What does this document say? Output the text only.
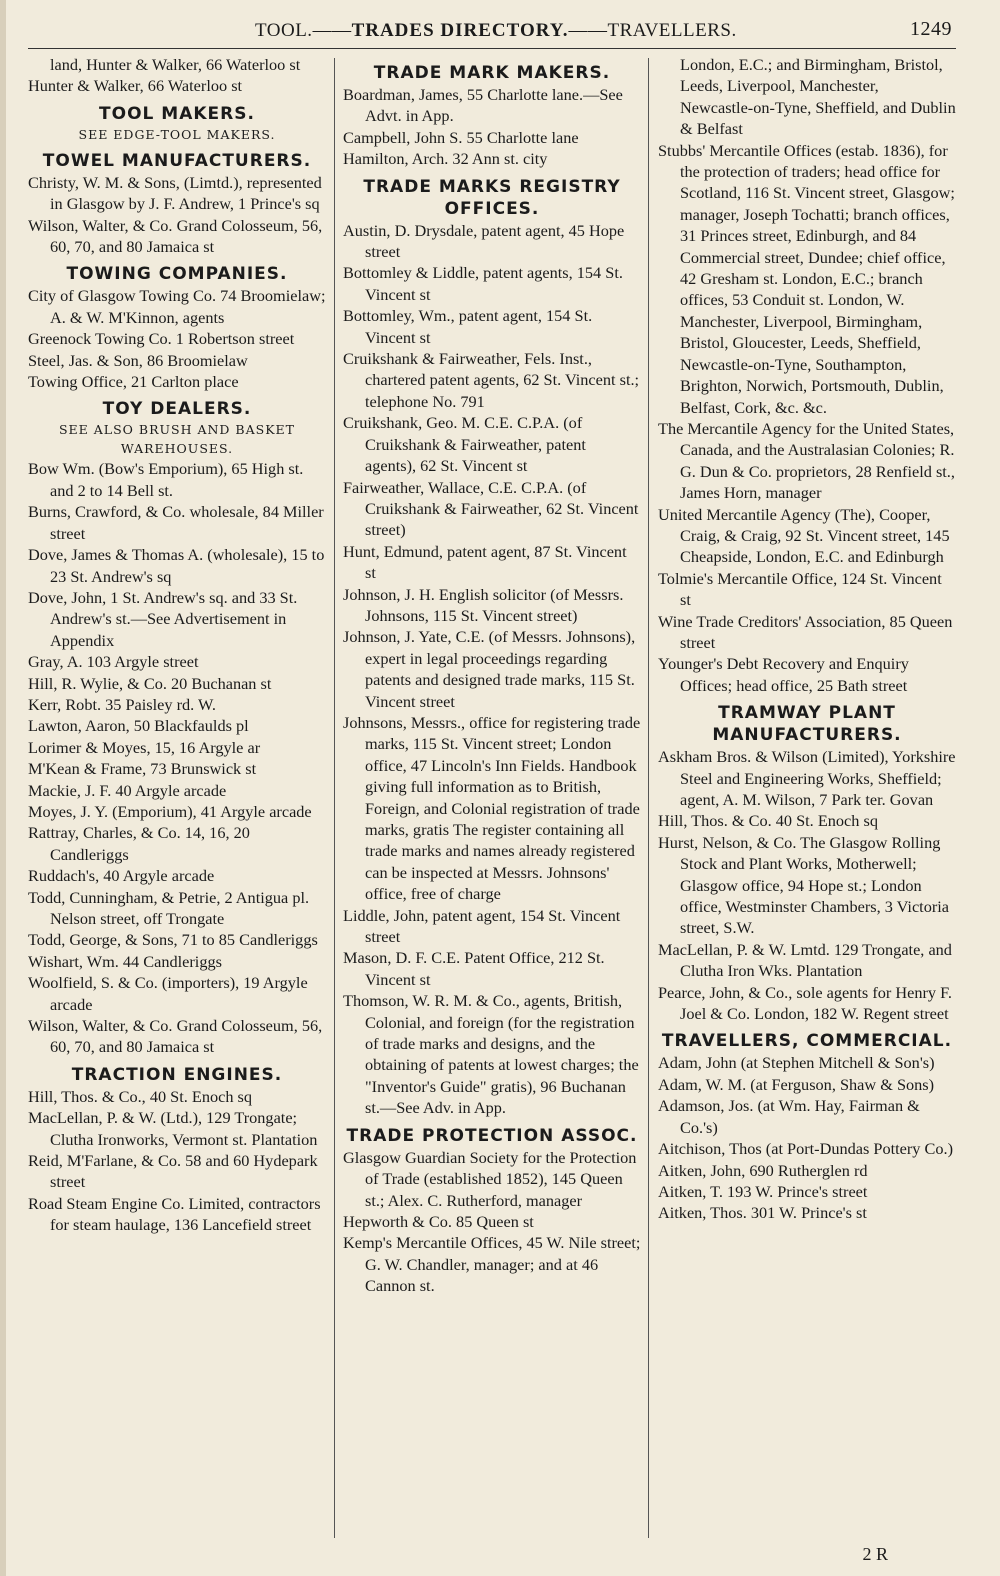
TOOL.——TRADES DIRECTORY.——TRAVELLERS.	1249
land, Hunter & Walker, 66 Waterloo st
Hunter & Walker, 66 Waterloo st
TOOL MAKERS.
SEE EDGE-TOOL MAKERS.
TOWEL MANUFACTURERS.
Christy, W. M. & Sons, (Limtd.), represented in Glasgow by J. F. Andrew, 1 Prince's sq
Wilson, Walter, & Co. Grand Colosseum, 56, 60, 70, and 80 Jamaica st
TOWING COMPANIES.
City of Glasgow Towing Co. 74 Broomielaw; A. & W. M'Kinnon, agents
Greenock Towing Co. 1 Robertson street
Steel, Jas. & Son, 86 Broomielaw
Towing Office, 21 Carlton place
TOY DEALERS.
SEE ALSO BRUSH AND BASKET WAREHOUSES.
Bow Wm. (Bow's Emporium), 65 High st. and 2 to 14 Bell st.
Burns, Crawford, & Co. wholesale, 84 Miller street
Dove, James & Thomas A. (wholesale), 15 to 23 St. Andrew's sq
Dove, John, 1 St. Andrew's sq. and 33 St. Andrew's st.—See Advertisement in Appendix
Gray, A. 103 Argyle street
Hill, R. Wylie, & Co. 20 Buchanan st
Kerr, Robt. 35 Paisley rd. W.
Lawton, Aaron, 50 Blackfaulds pl
Lorimer & Moyes, 15, 16 Argyle ar
M'Kean & Frame, 73 Brunswick st
Mackie, J. F. 40 Argyle arcade
Moyes, J. Y. (Emporium), 41 Argyle arcade
Rattray, Charles, & Co. 14, 16, 20 Candleriggs
Ruddach's, 40 Argyle arcade
Todd, Cunningham, & Petrie, 2 Antigua pl. Nelson street, off Trongate
Todd, George, & Sons, 71 to 85 Candleriggs
Wishart, Wm. 44 Candleriggs
Woolfield, S. & Co. (importers), 19 Argyle arcade
Wilson, Walter, & Co. Grand Colosseum, 56, 60, 70, and 80 Jamaica st
TRACTION ENGINES.
Hill, Thos. & Co., 40 St. Enoch sq
MacLellan, P. & W. (Ltd.), 129 Trongate; Clutha Ironworks, Vermont st. Plantation
Reid, M'Farlane, & Co. 58 and 60 Hydepark street
Road Steam Engine Co. Limited, contractors for steam haulage, 136 Lancefield street
TRADE MARK MAKERS.
Boardman, James, 55 Charlotte lane.—See Advt. in App.
Campbell, John S. 55 Charlotte lane
Hamilton, Arch. 32 Ann st. city
TRADE MARKS REGISTRY OFFICES.
Austin, D. Drysdale, patent agent, 45 Hope street
Bottomley & Liddle, patent agents, 154 St. Vincent st
Bottomley, Wm., patent agent, 154 St. Vincent st
Cruikshank & Fairweather, Fels. Inst., chartered patent agents, 62 St. Vincent st.; telephone No. 791
Cruikshank, Geo. M. C.E. C.P.A. (of Cruikshank & Fairweather, patent agents), 62 St. Vincent st
Fairweather, Wallace, C.E. C.P.A. (of Cruikshank & Fairweather, 62 St. Vincent street)
Hunt, Edmund, patent agent, 87 St. Vincent st
Johnson, J. H. English solicitor (of Messrs. Johnsons, 115 St. Vincent street)
Johnson, J. Yate, C.E. (of Messrs. Johnsons), expert in legal proceedings regarding patents and designed trade marks, 115 St. Vincent street
Johnsons, Messrs., office for registering trade marks, 115 St. Vincent street; London office, 47 Lincoln's Inn Fields. Handbook giving full information as to British, Foreign, and Colonial registration of trade marks, gratis The register containing all trade marks and names already registered can be inspected at Messrs. Johnsons' office, free of charge
Liddle, John, patent agent, 154 St. Vincent street
Mason, D. F. C.E. Patent Office, 212 St. Vincent st
Thomson, W. R. M. & Co., agents, British, Colonial, and foreign (for the registration of trade marks and designs, and the obtaining of patents at lowest charges; the "Inventor's Guide" gratis), 96 Buchanan st.—See Adv. in App.
TRADE PROTECTION ASSOC.
Glasgow Guardian Society for the Protection of Trade (established 1852), 145 Queen st.; Alex. C. Rutherford, manager
Hepworth & Co. 85 Queen st
Kemp's Mercantile Offices, 45 W. Nile street; G. W. Chandler, manager; and at 46 Cannon st.
London, E.C.; and Birmingham, Bristol, Leeds, Liverpool, Manchester, Newcastle-on-Tyne, Sheffield, and Dublin & Belfast
Stubbs' Mercantile Offices (estab. 1836), for the protection of traders; head office for Scotland, 116 St. Vincent street, Glasgow; manager, Joseph Tochatti; branch offices, 31 Princes street, Edinburgh, and 84 Commercial street, Dundee; chief office, 42 Gresham st. London, E.C.; branch offices, 53 Conduit st. London, W. Manchester, Liverpool, Birmingham, Bristol, Gloucester, Leeds, Sheffield, Newcastle-on-Tyne, Southampton, Brighton, Norwich, Portsmouth, Dublin, Belfast, Cork, &c. &c.
The Mercantile Agency for the United States, Canada, and the Australasian Colonies; R. G. Dun & Co. proprietors, 28 Renfield st., James Horn, manager
United Mercantile Agency (The), Cooper, Craig, & Craig, 92 St. Vincent street, 145 Cheapside, London, E.C. and Edinburgh
Tolmie's Mercantile Office, 124 St. Vincent st
Wine Trade Creditors' Association, 85 Queen street
Younger's Debt Recovery and Enquiry Offices; head office, 25 Bath street
TRAMWAY PLANT MANUFACTURERS.
Askham Bros. & Wilson (Limited), Yorkshire Steel and Engineering Works, Sheffield; agent, A. M. Wilson, 7 Park ter. Govan
Hill, Thos. & Co. 40 St. Enoch sq
Hurst, Nelson, & Co. The Glasgow Rolling Stock and Plant Works, Motherwell; Glasgow office, 94 Hope st.; London office, Westminster Chambers, 3 Victoria street, S.W.
MacLellan, P. & W. Lmtd. 129 Trongate, and Clutha Iron Wks. Plantation
Pearce, John, & Co., sole agents for Henry F. Joel & Co. London, 182 W. Regent street
TRAVELLERS, COMMERCIAL.
Adam, John (at Stephen Mitchell & Son's)
Adam, W. M. (at Ferguson, Shaw & Sons)
Adamson, Jos. (at Wm. Hay, Fairman & Co.'s)
Aitchison, Thos (at Port-Dundas Pottery Co.)
Aitken, John, 690 Rutherglen rd
Aitken, T. 193 W. Prince's street
Aitken, Thos. 301 W. Prince's st
2 R
